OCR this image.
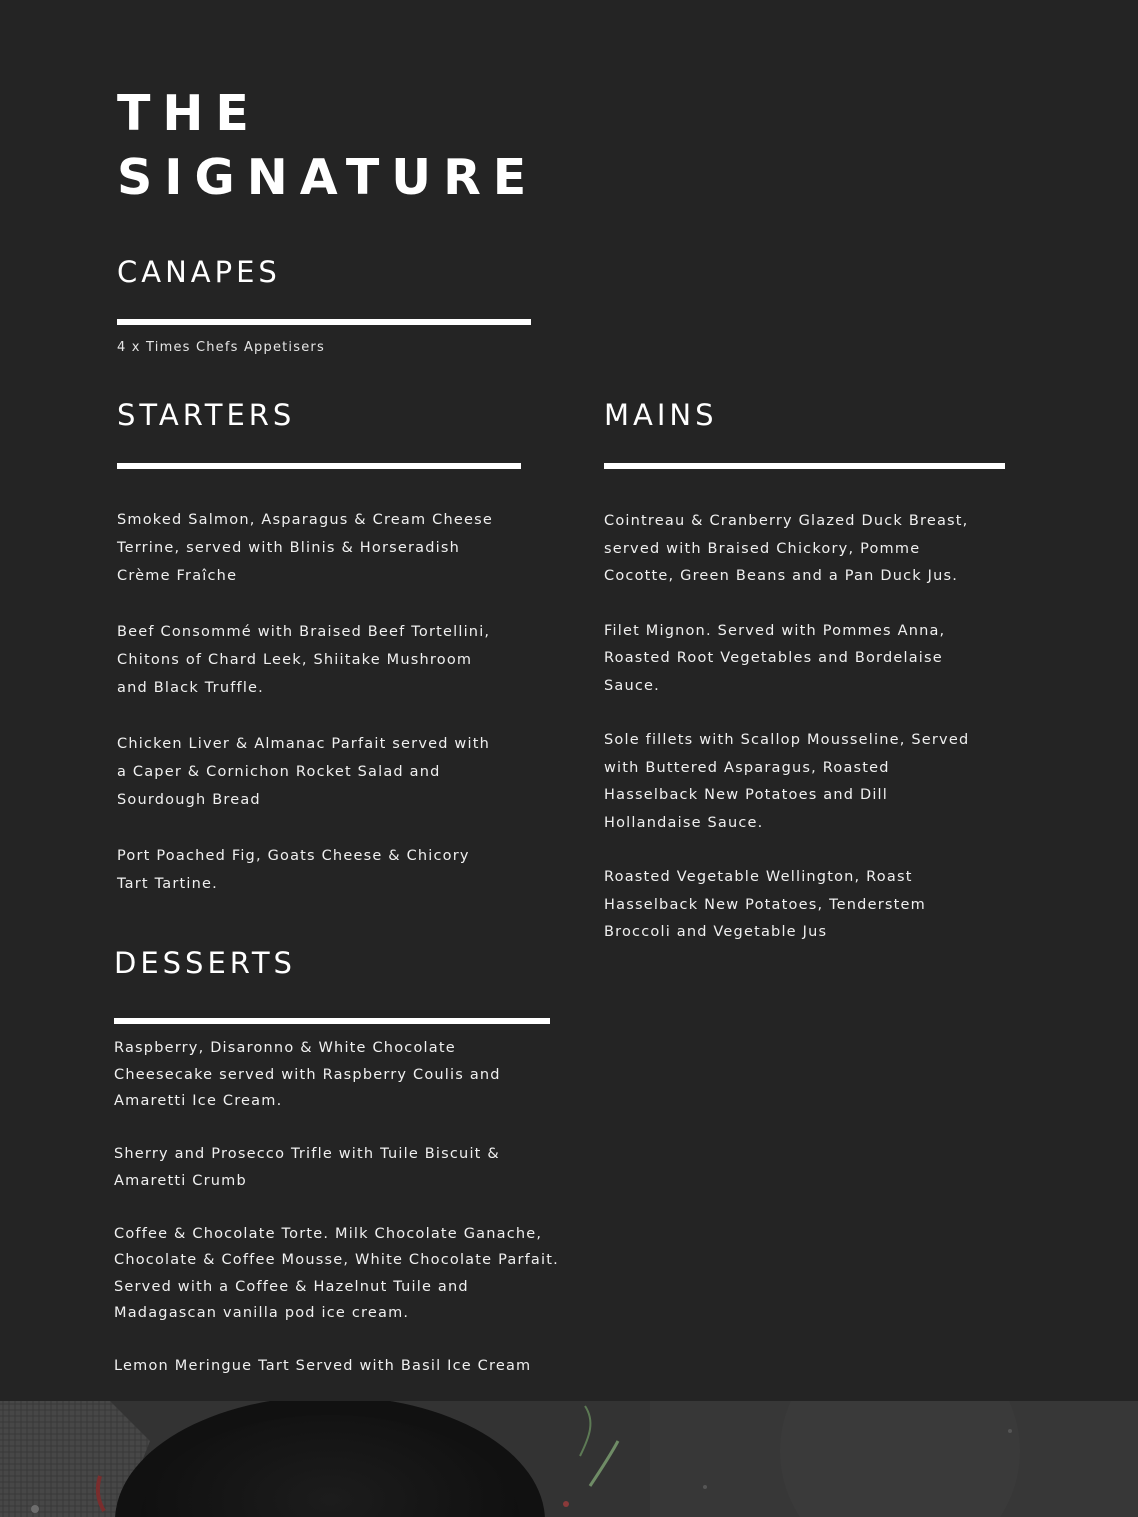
THE
SIGNATURE
CANAPES

4 x Times Chefs Appetisers

STARTERS
Smoked Salmon, Asparagus & Cream Cheese
Terrine, served with Blinis & Horseradish
Crème Fraîche
Beef Consommé with Braised Beef Tortellini,
Chitons of Chard Leek, Shiitake Mushroom
and Black Truffle.
Chicken Liver & Almanac Parfait served with
a Caper & Cornichon Rocket Salad and
Sourdough Bread
Port Poached Fig, Goats Cheese & Chicory
Tart Tartine.
MAINS
Cointreau & Cranberry Glazed Duck Breast,
served with Braised Chickory, Pomme
Cocotte, Green Beans and a Pan Duck Jus.
Filet Mignon. Served with Pommes Anna,
Roasted Root Vegetables and Bordelaise
Sauce.
Sole fillets with Scallop Mousseline, Served
with Buttered Asparagus, Roasted
Hasselback New Potatoes and Dill
Hollandaise Sauce.
Roasted Vegetable Wellington, Roast
Hasselback New Potatoes, Tenderstem
Broccoli and Vegetable Jus
DESSERTS
Raspberry, Disaronno & White Chocolate
Cheesecake served with Raspberry Coulis and
Amaretti Ice Cream.
Sherry and Prosecco Trifle with Tuile Biscuit &
Amaretti Crumb
Coffee & Chocolate Torte. Milk Chocolate Ganache,
Chocolate & Coffee Mousse, White Chocolate Parfait.
Served with a Coffee & Hazelnut Tuile and
Madagascan vanilla pod ice cream.
Lemon Meringue Tart Served with Basil Ice Cream
